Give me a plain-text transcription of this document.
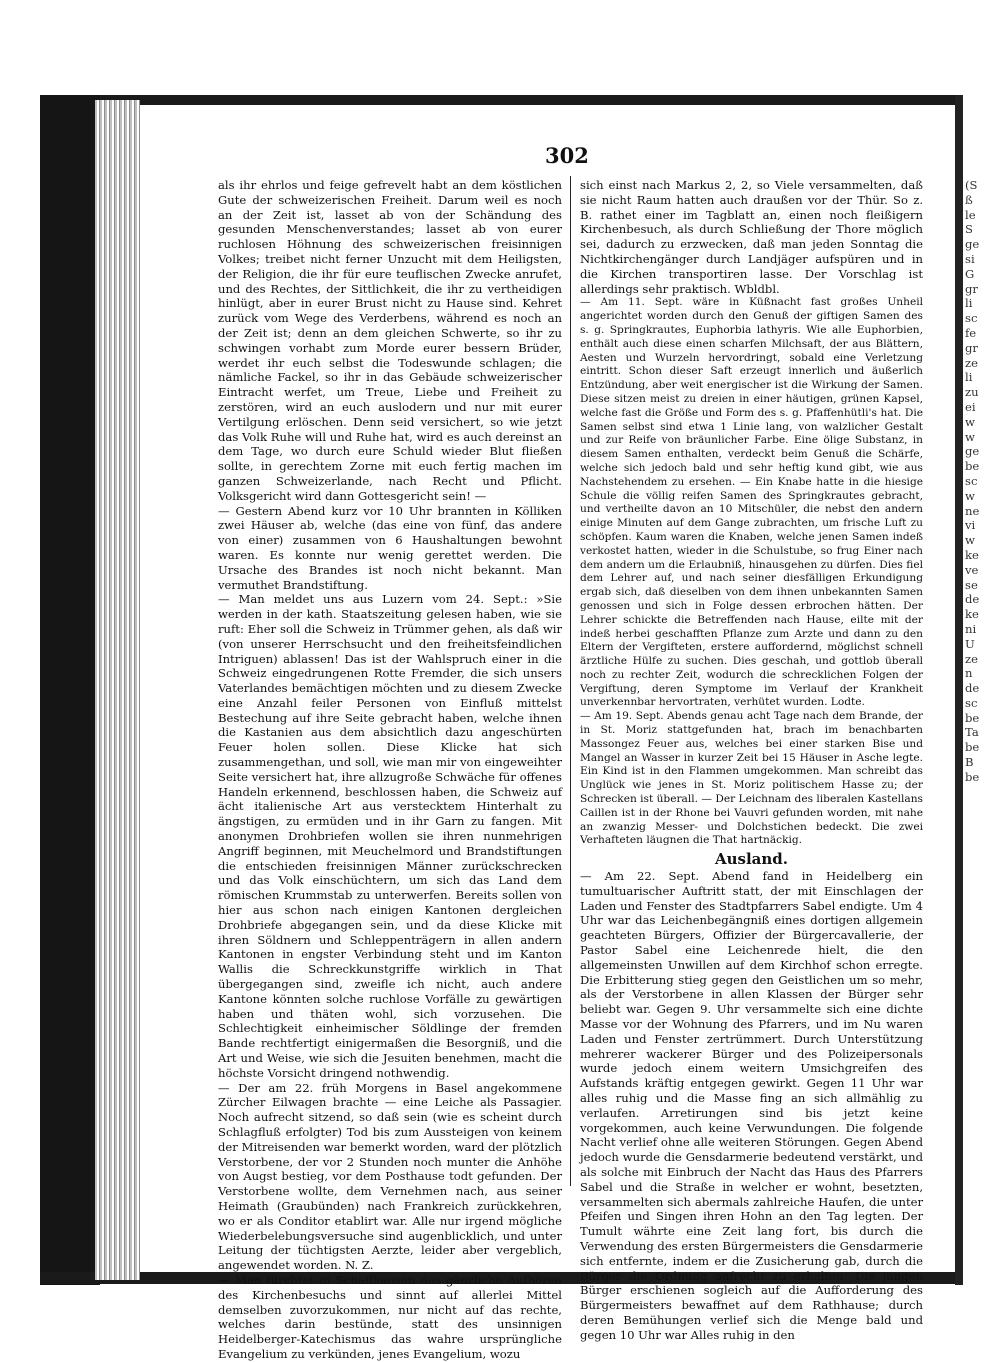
302

als ihr ehrlos und feige gefrevelt habt an dem köstlichen Gute der schweizerischen Freiheit. Darum weil es noch an der Zeit ist, lasset ab von der Schändung des gesunden Menschenverstandes; lasset ab von eurer ruchlosen Höhnung des schweizerischen freisinnigen Volkes; treibet nicht ferner Unzucht mit dem Heiligsten, der Religion, die ihr für eure teuflischen Zwecke anrufet, und des Rechtes, der Sittlichkeit, die ihr zu vertheidigen hinlügt, aber in eurer Brust nicht zu Hause sind. Kehret zurück vom Wege des Verderbens, während es noch an der Zeit ist; denn an dem gleichen Schwerte, so ihr zu schwingen vorhabt zum Morde eurer bessern Brüder, werdet ihr euch selbst die Todeswunde schlagen; die nämliche Fackel, so ihr in das Gebäude schweizerischer Eintracht werfet, um Treue, Liebe und Freiheit zu zerstören, wird an euch auslodern und nur mit eurer Vertilgung erlöschen. Denn seid versichert, so wie jetzt das Volk Ruhe will und Ruhe hat, wird es auch dereinst an dem Tage, wo durch eure Schuld wieder Blut fließen sollte, in gerechtem Zorne mit euch fertig machen im ganzen Schweizerlande, nach Recht und Pflicht. Volksgericht wird dann Gottesgericht sein! —

— Gestern Abend kurz vor 10 Uhr brannten in Kölliken zwei Häuser ab, welche (das eine von fünf, das andere von einer) zusammen von 6 Haushaltungen bewohnt waren. Es konnte nur wenig gerettet werden. Die Ursache des Brandes ist noch nicht bekannt. Man vermuthet Brandstiftung.

— Man meldet uns aus Luzern vom 24. Sept.: »Sie werden in der kath. Staatszeitung gelesen haben, wie sie ruft: Eher soll die Schweiz in Trümmer gehen, als daß wir (von unserer Herrschsucht und den freiheitsfeindlichen Intriguen) ablassen! Das ist der Wahlspruch einer in die Schweiz eingedrungenen Rotte Fremder, die sich unsers Vaterlandes bemächtigen möchten und zu diesem Zwecke eine Anzahl feiler Personen von Einfluß mittelst Bestechung auf ihre Seite gebracht haben, welche ihnen die Kastanien aus dem absichtlich dazu angeschürten Feuer holen sollen. Diese Klicke hat sich zusammengethan, und soll, wie man mir von eingeweihter Seite versichert hat, ihre allzugroße Schwäche für offenes Handeln erkennend, beschlossen haben, die Schweiz auf ächt italienische Art aus verstecktem Hinterhalt zu ängstigen, zu ermüden und in ihr Garn zu fangen. Mit anonymen Drohbriefen wollen sie ihren nunmehrigen Angriff beginnen, mit Meuchelmord und Brandstiftungen die entschieden freisinnigen Männer zurückschrecken und das Volk einschüchtern, um sich das Land dem römischen Krummstab zu unterwerfen. Bereits sollen von hier aus schon nach einigen Kantonen dergleichen Drohbriefe abgegangen sein, und da diese Klicke mit ihren Söldnern und Schleppenträgern in allen andern Kantonen in engster Verbindung steht und im Kanton Wallis die Schreckkunstgriffe wirklich in That übergegangen sind, zweifle ich nicht, auch andere Kantone könnten solche ruchlose Vorfälle zu gewärtigen haben und thäten wohl, sich vorzusehen. Die Schlechtigkeit einheimischer Söldlinge der fremden Bande rechtfertigt einigermaßen die Besorgniß, und die Art und Weise, wie sich die Jesuiten benehmen, macht die höchste Vorsicht dringend nothwendig.

— Der am 22. früh Morgens in Basel angekommene Zürcher Eilwagen brachte — eine Leiche als Passagier. Noch aufrecht sitzend, so daß sein (wie es scheint durch Schlagfluß erfolgter) Tod bis zum Aussteigen von keinem der Mitreisenden war bemerkt worden, ward der plötzlich Verstorbene, der vor 2 Stunden noch munter die Anhöhe von Augst bestieg, vor dem Posthause todt gefunden. Der Verstorbene wollte, dem Vernehmen nach, aus seiner Heimath (Graubünden) nach Frankreich zurückkehren, wo er als Conditor etablirt war. Alle nur irgend mögliche Wiederbelebungsversuche sind augenblicklich, und unter Leitung der tüchtigsten Aerzte, leider aber vergeblich, angewendet worden. N. Z.

— Man fürchtet in Schaffhausen das gänzliche Aufhören des Kirchenbesuchs und sinnt auf allerlei Mittel demselben zuvorzukommen, nur nicht auf das rechte, welches darin bestünde, statt des unsinnigen Heidelberger-Katechismus das wahre ursprüngliche Evangelium zu verkünden, jenes Evangelium, wozu

sich einst nach Markus 2, 2, so Viele versammelten, daß sie nicht Raum hatten auch draußen vor der Thür. So z. B. rathet einer im Tagblatt an, einen noch fleißigern Kirchenbesuch, als durch Schließung der Thore möglich sei, dadurch zu erzwecken, daß man jeden Sonntag die Nichtkirchengänger durch Landjäger aufspüren und in die Kirchen transportiren lasse. Der Vorschlag ist allerdings sehr praktisch. Wbldbl.

— Am 11. Sept. wäre in Küßnacht fast großes Unheil angerichtet worden durch den Genuß der giftigen Samen des s. g. Springkrautes, Euphorbia lathyris. Wie alle Euphorbien, enthält auch diese einen scharfen Milchsaft, der aus Blättern, Aesten und Wurzeln hervordringt, sobald eine Verletzung eintritt. Schon dieser Saft erzeugt innerlich und äußerlich Entzündung, aber weit energischer ist die Wirkung der Samen. Diese sitzen meist zu dreien in einer häutigen, grünen Kapsel, welche fast die Größe und Form des s. g. Pfaffenhütli's hat. Die Samen selbst sind etwa 1 Linie lang, von walzlicher Gestalt und zur Reife von bräunlicher Farbe. Eine ölige Substanz, in diesem Samen enthalten, verdeckt beim Genuß die Schärfe, welche sich jedoch bald und sehr heftig kund gibt, wie aus Nachstehendem zu ersehen. — Ein Knabe hatte in die hiesige Schule die völlig reifen Samen des Springkrautes gebracht, und vertheilte davon an 10 Mitschüler, die nebst den andern einige Minuten auf dem Gange zubrachten, um frische Luft zu schöpfen. Kaum waren die Knaben, welche jenen Samen indeß verkostet hatten, wieder in die Schulstube, so frug Einer nach dem andern um die Erlaubniß, hinausgehen zu dürfen. Dies fiel dem Lehrer auf, und nach seiner diesfälligen Erkundigung ergab sich, daß dieselben von dem ihnen unbekannten Samen genossen und sich in Folge dessen erbrochen hätten. Der Lehrer schickte die Betreffenden nach Hause, eilte mit der indeß herbei geschafften Pflanze zum Arzte und dann zu den Eltern der Vergifteten, erstere auffordernd, möglichst schnell ärztliche Hülfe zu suchen. Dies geschah, und gottlob überall noch zu rechter Zeit, wodurch die schrecklichen Folgen der Vergiftung, deren Symptome im Verlauf der Krankheit unverkennbar hervortraten, verhütet wurden. Lodte.

— Am 19. Sept. Abends genau acht Tage nach dem Brande, der in St. Moriz stattgefunden hat, brach im benachbarten Massongez Feuer aus, welches bei einer starken Bise und Mangel an Wasser in kurzer Zeit bei 15 Häuser in Asche legte. Ein Kind ist in den Flammen umgekommen. Man schreibt das Unglück wie jenes in St. Moriz politischem Hasse zu; der Schrecken ist überall. — Der Leichnam des liberalen Kastellans Caillen ist in der Rhone bei Vauvri gefunden worden, mit nahe an zwanzig Messer- und Dolchstichen bedeckt. Die zwei Verhafteten läugnen die That hartnäckig.

Ausland.

— Am 22. Sept. Abend fand in Heidelberg ein tumultuarischer Auftritt statt, der mit Einschlagen der Laden und Fenster des Stadtpfarrers Sabel endigte. Um 4 Uhr war das Leichenbegängniß eines dortigen allgemein geachteten Bürgers, Offizier der Bürgercavallerie, der Pastor Sabel eine Leichenrede hielt, die den allgemeinsten Unwillen auf dem Kirchhof schon erregte. Die Erbitterung stieg gegen den Geistlichen um so mehr, als der Verstorbene in allen Klassen der Bürger sehr beliebt war. Gegen 9. Uhr versammelte sich eine dichte Masse vor der Wohnung des Pfarrers, und im Nu waren Laden und Fenster zertrümmert. Durch Unterstützung mehrerer wackerer Bürger und des Polizeipersonals wurde jedoch einem weitern Umsichgreifen des Aufstands kräftig entgegen gewirkt. Gegen 11 Uhr war alles ruhig und die Masse fing an sich allmählig zu verlaufen. Arretirungen sind bis jetzt keine vorgekommen, auch keine Verwundungen. Die folgende Nacht verlief ohne alle weiteren Störungen. Gegen Abend jedoch wurde die Gensdarmerie bedeutend verstärkt, und als solche mit Einbruch der Nacht das Haus des Pfarrers Sabel und die Straße in welcher er wohnt, besetzten, versammelten sich abermals zahlreiche Haufen, die unter Pfeifen und Singen ihren Hohn an den Tag legten. Der Tumult währte eine Zeit lang fort, bis durch die Verwendung des ersten Bürgermeisters die Gensdarmerie sich entfernte, indem er die Zusicherung gab, durch die Bürger die Ordnung aufrecht zu erhalten. Die jungen Bürger erschienen sogleich auf die Aufforderung des Bürgermeisters bewaffnet auf dem Rathhause; durch deren Bemühungen verlief sich die Menge bald und gegen 10 Uhr war Alles ruhig in den

(S
ß
le
S
ge
si
G
gr
li
sc
fe
gr
ze
li
zu
ei
w
w
ge
be
sc
w
ne
vi
w
ke
ve
se
de
ke
ni
U
ze
n
de
sc
be
Ta
be
B
be
